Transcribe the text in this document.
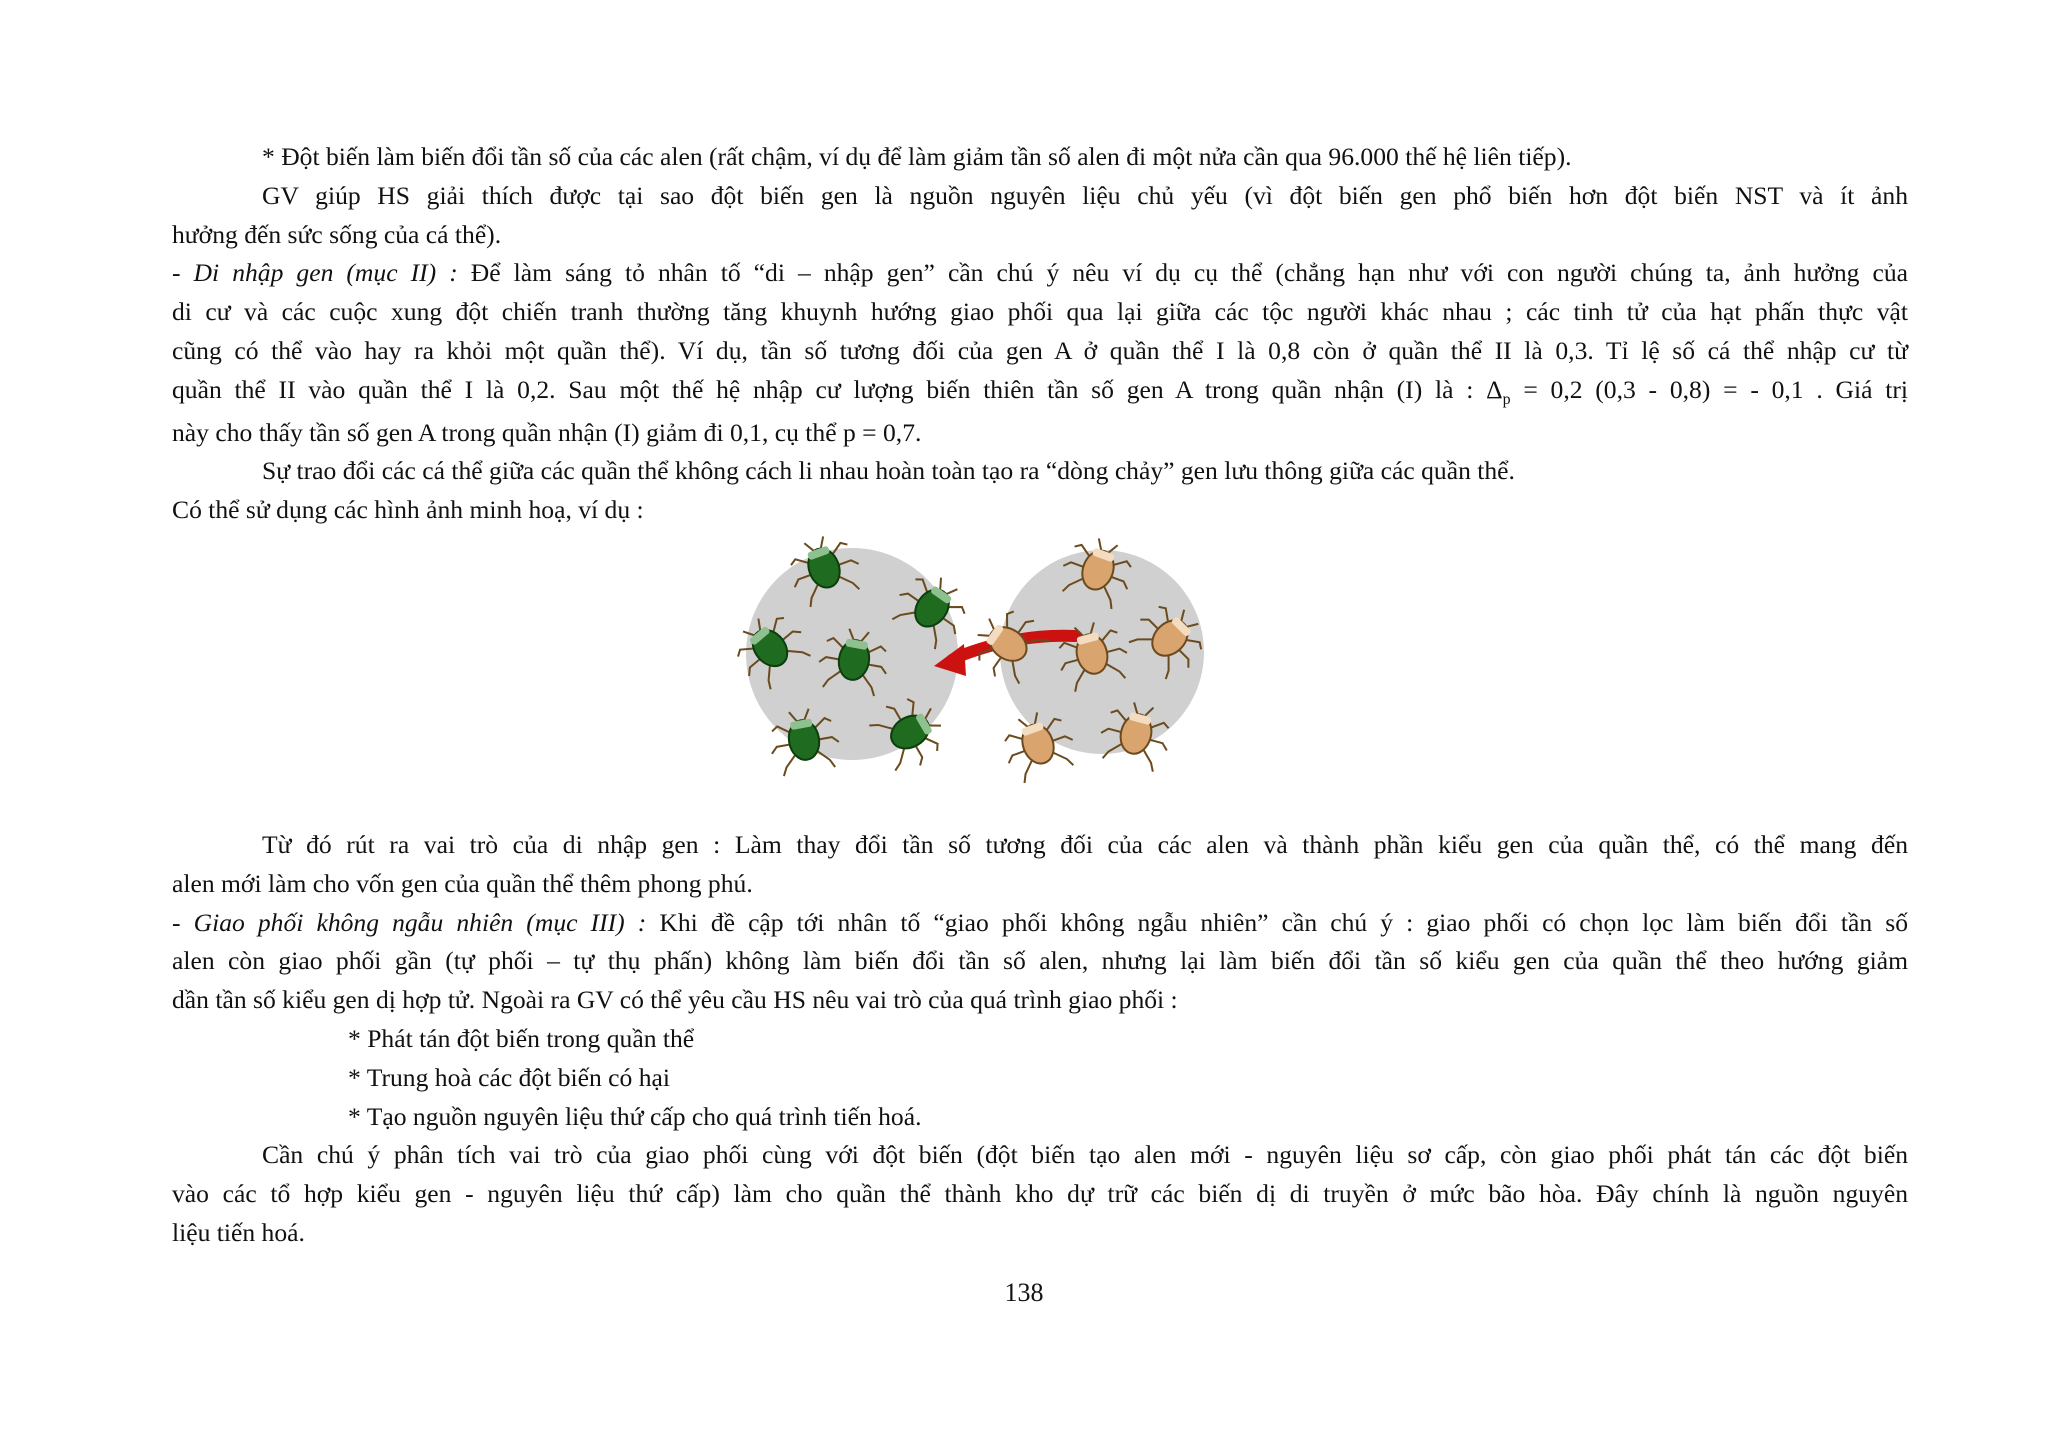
* Đột biến làm biến đổi tần số của các alen (rất chậm, ví dụ để làm giảm tần số alen đi một nửa cần qua 96.000 thế hệ liên tiếp).
GV giúp HS giải thích được tại sao đột biến gen là nguồn nguyên liệu chủ yếu (vì đột biến gen phổ biến hơn đột biến NST và ít ảnh
hưởng đến sức sống của cá thể).
- Di nhập gen (mục II) : Để làm sáng tỏ nhân tố “di – nhập gen” cần chú ý nêu ví dụ cụ thể (chẳng hạn như với con người chúng ta, ảnh hưởng của
di cư và các cuộc xung đột chiến tranh thường tăng khuynh hướng giao phối qua lại giữa các tộc người khác nhau ; các tinh tử của hạt phấn thực vật
cũng có thể vào hay ra khỏi một quần thể). Ví dụ, tần số tương đối của gen A ở quần thể I là 0,8 còn ở quần thể II là 0,3. Tỉ lệ số cá thể nhập cư từ
quần thể II vào quần thể I là 0,2. Sau một thế hệ nhập cư lượng biến thiên tần số gen A trong quần nhận (I) là : $\Delta_p = 0,2$ (0,3 - 0,8) = - 0,1 . Giá trị
này cho thấy tần số gen A trong quần nhận (I) giảm đi 0,1, cụ thể p = 0,7.
Sự trao đổi các cá thể giữa các quần thể không cách li nhau hoàn toàn tạo ra “dòng chảy” gen lưu thông giữa các quần thể.
Có thể sử dụng các hình ảnh minh hoạ, ví dụ :
Từ đó rút ra vai trò của di nhập gen : Làm thay đổi tần số tương đối của các alen và thành phần kiểu gen của quần thể, có thể mang đến
alen mới làm cho vốn gen của quần thể thêm phong phú.
- Giao phối không ngẫu nhiên (mục III) : Khi đề cập tới nhân tố “giao phối không ngẫu nhiên” cần chú ý : giao phối có chọn lọc làm biến đổi tần số
alen còn giao phối gần (tự phối – tự thụ phấn) không làm biến đổi tần số alen, nhưng lại làm biến đổi tần số kiểu gen của quần thể theo hướng giảm
dần tần số kiểu gen dị hợp tử. Ngoài ra GV có thể yêu cầu HS nêu vai trò của quá trình giao phối :
* Phát tán đột biến trong quần thể
* Trung hoà các đột biến có hại
* Tạo nguồn nguyên liệu thứ cấp cho quá trình tiến hoá.
Cần chú ý phân tích vai trò của giao phối cùng với đột biến (đột biến tạo alen mới - nguyên liệu sơ cấp, còn giao phối phát tán các đột biến
vào các tổ hợp kiểu gen - nguyên liệu thứ cấp) làm cho quần thể thành kho dự trữ các biến dị di truyền ở mức bão hòa. Đây chính là nguồn nguyên
liệu tiến hoá.
138
